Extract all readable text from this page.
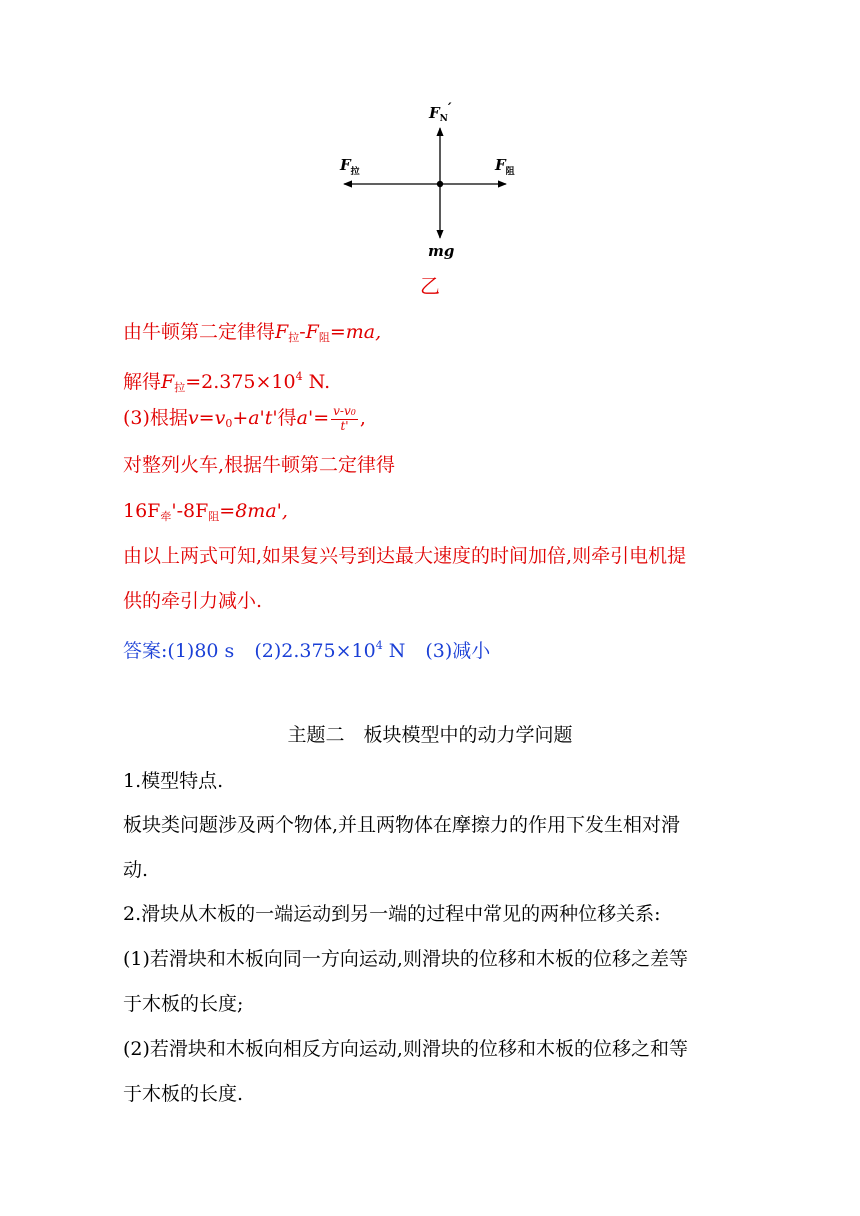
$F_N'$
$F_拉$	$F_阻$
mg
乙
由牛顿第二定律得$F_拉-F_阻=ma$,
解得$F_拉=2.375\times 10^4$ N.
(3)根据$v=v_0+a't'$得$a'= \frac{v-v0}{t'}$ ,
对整列火车,根据牛顿第二定律得
$16F_牵'-8F_阻=8ma'$,
由以上两式可知,如果复兴号到达最大速度的时间加倍,则牵引电机提
供的牵引力减小.
答案:(1)80 s $(2)2.375\times 10^4$ N (3)减小
主题二　板块模型中的动力学问题
1.模型特点.
板块类问题涉及两个物体,并且两物体在摩擦力的作用下发生相对滑
动.
2.滑块从木板的一端运动到另一端的过程中常见的两种位移关系:
(1)若滑块和木板向同一方向运动,则滑块的位移和木板的位移之差等
于木板的长度;
(2)若滑块和木板向相反方向运动,则滑块的位移和木板的位移之和等
于木板的长度.
